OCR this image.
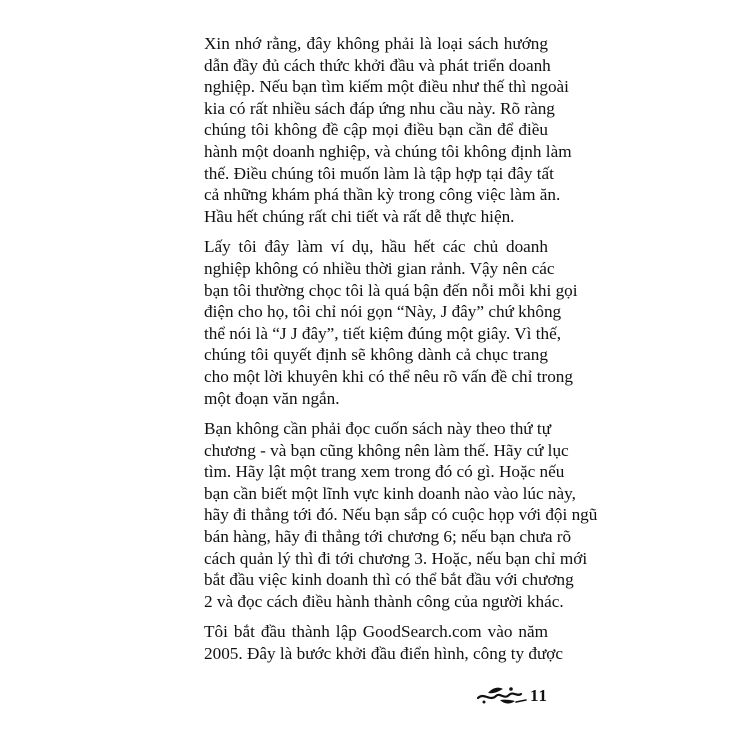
Xin nhớ rằng, đây không phải là loại sách hướng
dẫn đầy đủ cách thức khởi đầu và phát triển doanh
nghiệp. Nếu bạn tìm kiếm một điều như thế thì ngoài
kia có rất nhiều sách đáp ứng nhu cầu này. Rõ ràng
chúng tôi không đề cập mọi điều bạn cần để điều
hành một doanh nghiệp, và chúng tôi không định làm
thế. Điều chúng tôi muốn làm là tập hợp tại đây tất
cả những khám phá thần kỳ trong công việc làm ăn.
Hầu hết chúng rất chi tiết và rất dễ thực hiện.

Lấy tôi đây làm ví dụ, hầu hết các chủ doanh
nghiệp không có nhiều thời gian rảnh. Vậy nên các
bạn tôi thường chọc tôi là quá bận đến nỗi mỗi khi gọi
điện cho họ, tôi chỉ nói gọn “Này, J đây” chứ không
thể nói là “J J đây”, tiết kiệm đúng một giây. Vì thế,
chúng tôi quyết định sẽ không dành cả chục trang
cho một lời khuyên khi có thể nêu rõ vấn đề chỉ trong
một đoạn văn ngắn.

Bạn không cần phải đọc cuốn sách này theo thứ tự
chương - và bạn cũng không nên làm thế. Hãy cứ lục
tìm. Hãy lật một trang xem trong đó có gì. Hoặc nếu
bạn cần biết một lĩnh vực kinh doanh nào vào lúc này,
hãy đi thẳng tới đó. Nếu bạn sắp có cuộc họp với đội ngũ
bán hàng, hãy đi thẳng tới chương 6; nếu bạn chưa rõ
cách quản lý thì đi tới chương 3. Hoặc, nếu bạn chỉ mới
bắt đầu việc kinh doanh thì có thể bắt đầu với chương
2 và đọc cách điều hành thành công của người khác.

Tôi bắt đầu thành lập GoodSearch.com vào năm
2005. Đây là bước khởi đầu điển hình, công ty được

11
